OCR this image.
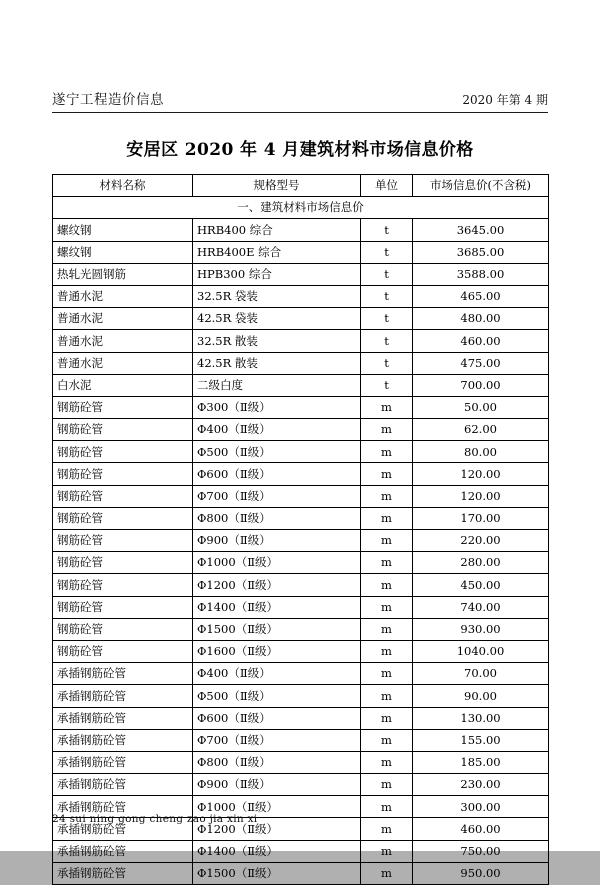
遂宁工程造价信息	2020 年第 4 期
安居区 2020 年 4 月建筑材料市场信息价格
材料名称	规格型号	单位	市场信息价(不含税)
一、建筑材料市场信息价			
螺纹钢	HRB400 综合	t	3645.00
螺纹钢	HRB400E 综合	t	3685.00
热轧光圆钢筋	HPB300 综合	t	3588.00
普通水泥	32.5R 袋装	t	465.00
普通水泥	42.5R 袋装	t	480.00
普通水泥	32.5R 散装	t	460.00
普通水泥	42.5R 散装	t	475.00
白水泥	二级白度	t	700.00
钢筋砼管	Φ300（Ⅱ级）	m	50.00
钢筋砼管	Φ400（Ⅱ级）	m	62.00
钢筋砼管	Φ500（Ⅱ级）	m	80.00
钢筋砼管	Φ600（Ⅱ级）	m	120.00
钢筋砼管	Φ700（Ⅱ级）	m	120.00
钢筋砼管	Φ800（Ⅱ级）	m	170.00
钢筋砼管	Φ900（Ⅱ级）	m	220.00
钢筋砼管	Φ1000（Ⅱ级）	m	280.00
钢筋砼管	Φ1200（Ⅱ级）	m	450.00
钢筋砼管	Φ1400（Ⅱ级）	m	740.00
钢筋砼管	Φ1500（Ⅱ级）	m	930.00
钢筋砼管	Φ1600（Ⅱ级）	m	1040.00
承插钢筋砼管	Φ400（Ⅱ级）	m	70.00
承插钢筋砼管	Φ500（Ⅱ级）	m	90.00
承插钢筋砼管	Φ600（Ⅱ级）	m	130.00
承插钢筋砼管	Φ700（Ⅱ级）	m	155.00
承插钢筋砼管	Φ800（Ⅱ级）	m	185.00
承插钢筋砼管	Φ900（Ⅱ级）	m	230.00
承插钢筋砼管	Φ1000（Ⅱ级）	m	300.00
承插钢筋砼管	Φ1200（Ⅱ级）	m	460.00
承插钢筋砼管	Φ1400（Ⅱ级）	m	750.00
承插钢筋砼管	Φ1500（Ⅱ级）	m	950.00
24 sui ning gong cheng zao jia xin xi
